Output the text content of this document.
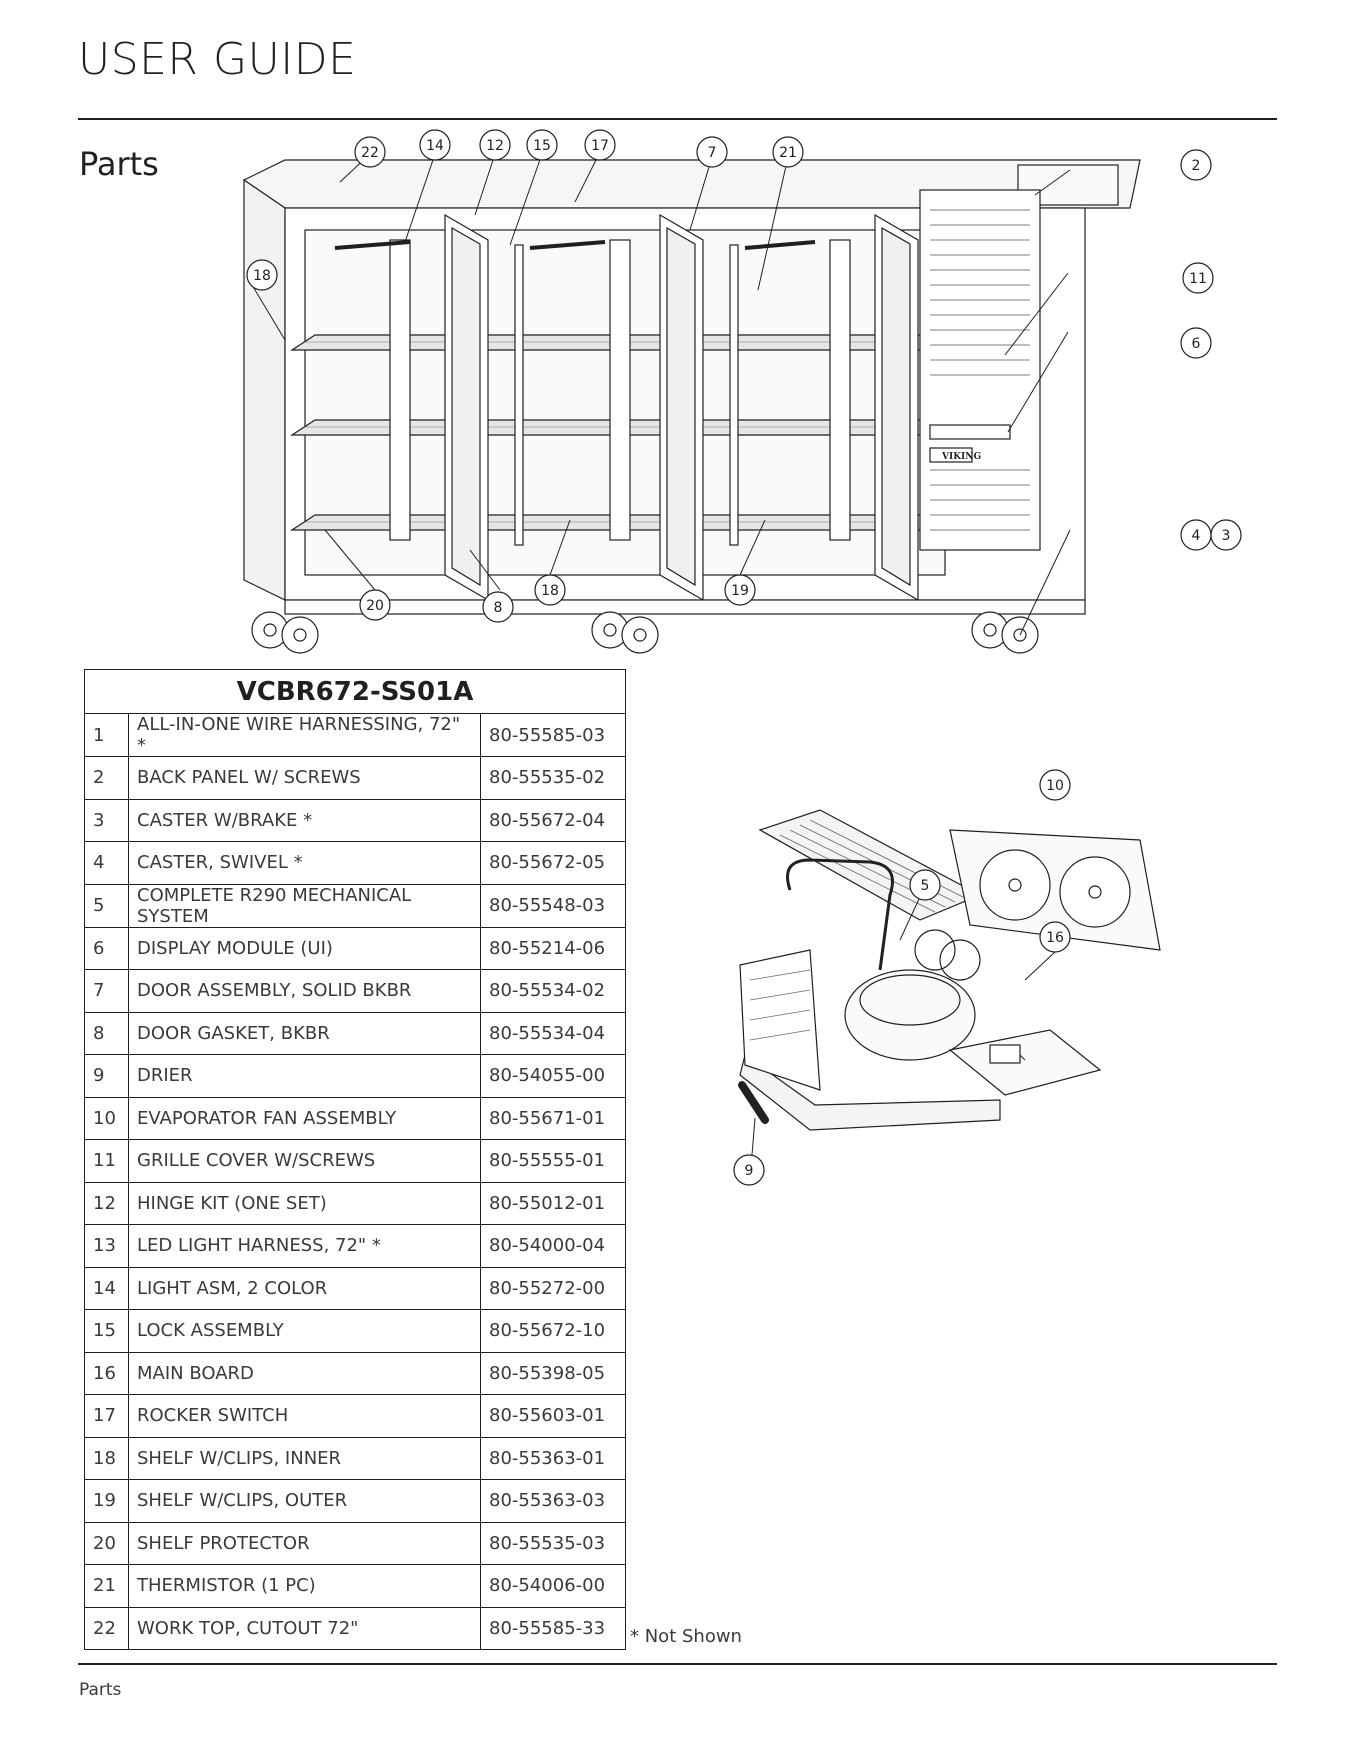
USER GUIDE
Parts
VIKING
22	14	12 15	17	7	21
2
18	11
6
4 3
20	8
18	19
10
5
16
9
VCBR672-SS01A		
1	ALL-IN-ONE WIRE HARNESSING, 72" *	80-55585-03
2	BACK PANEL W/ SCREWS	80-55535-02
3	CASTER W/BRAKE *	80-55672-04
4	CASTER, SWIVEL *	80-55672-05
5	COMPLETE R290 MECHANICAL SYSTEM	80-55548-03
6	DISPLAY MODULE (UI)	80-55214-06
7	DOOR ASSEMBLY, SOLID BKBR	80-55534-02
8	DOOR GASKET, BKBR	80-55534-04
9	DRIER	80-54055-00
10	EVAPORATOR FAN ASSEMBLY	80-55671-01
11	GRILLE COVER W/SCREWS	80-55555-01
12	HINGE KIT (ONE SET)	80-55012-01
13	LED LIGHT HARNESS, 72" *	80-54000-04
14	LIGHT ASM, 2 COLOR	80-55272-00
15	LOCK ASSEMBLY	80-55672-10
16	MAIN BOARD	80-55398-05
17	ROCKER SWITCH	80-55603-01
18	SHELF W/CLIPS, INNER	80-55363-01
19	SHELF W/CLIPS, OUTER	80-55363-03
20	SHELF PROTECTOR	80-55535-03
21	THERMISTOR (1 PC)	80-54006-00
22	WORK TOP, CUTOUT 72"	80-55585-33 * Not Shown
Parts
